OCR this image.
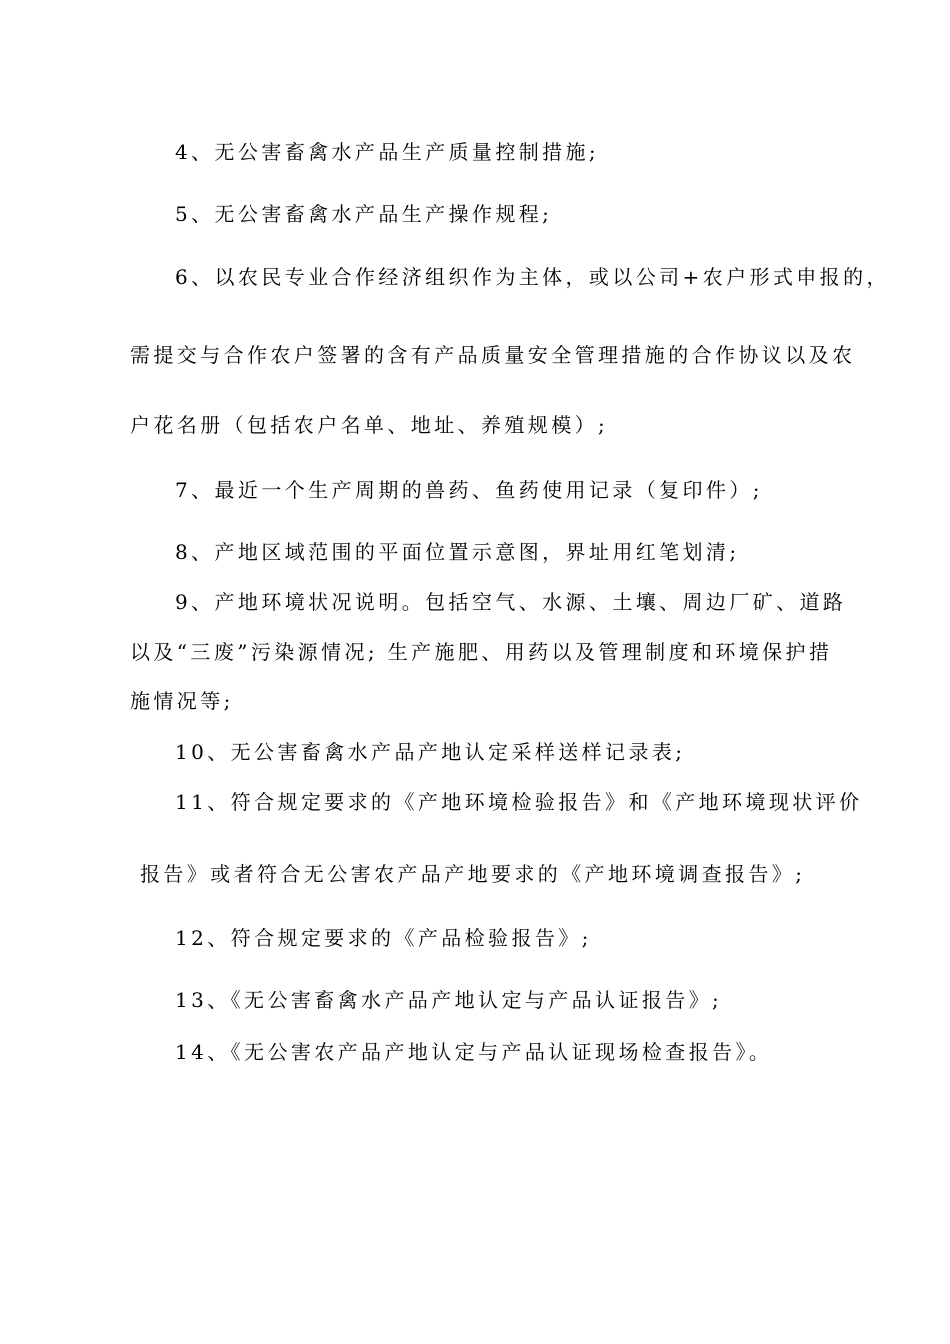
4、无公害畜禽水产品生产质量控制措施;
5、无公害畜禽水产品生产操作规程;
6、以农民专业合作经济组织作为主体，或以公司+农户形式申报的，
需提交与合作农户签署的含有产品质量安全管理措施的合作协议以及农
户花名册（包括农户名单、地址、养殖规模）;
7、最近一个生产周期的兽药、鱼药使用记录（复印件）;
8、产地区域范围的平面位置示意图，界址用红笔划清;
9、产地环境状况说明。包括空气、水源、土壤、周边厂矿、道路
以及“三废”污染源情况; 生产施肥、用药以及管理制度和环境保护措
施情况等;
10、无公害畜禽水产品产地认定采样送样记录表;
11、符合规定要求的《产地环境检验报告》和《产地环境现状评价
报告》或者符合无公害农产品产地要求的《产地环境调查报告》;
12、符合规定要求的《产品检验报告》;
13、《无公害畜禽水产品产地认定与产品认证报告》;
14、《无公害农产品产地认定与产品认证现场检查报告》。
